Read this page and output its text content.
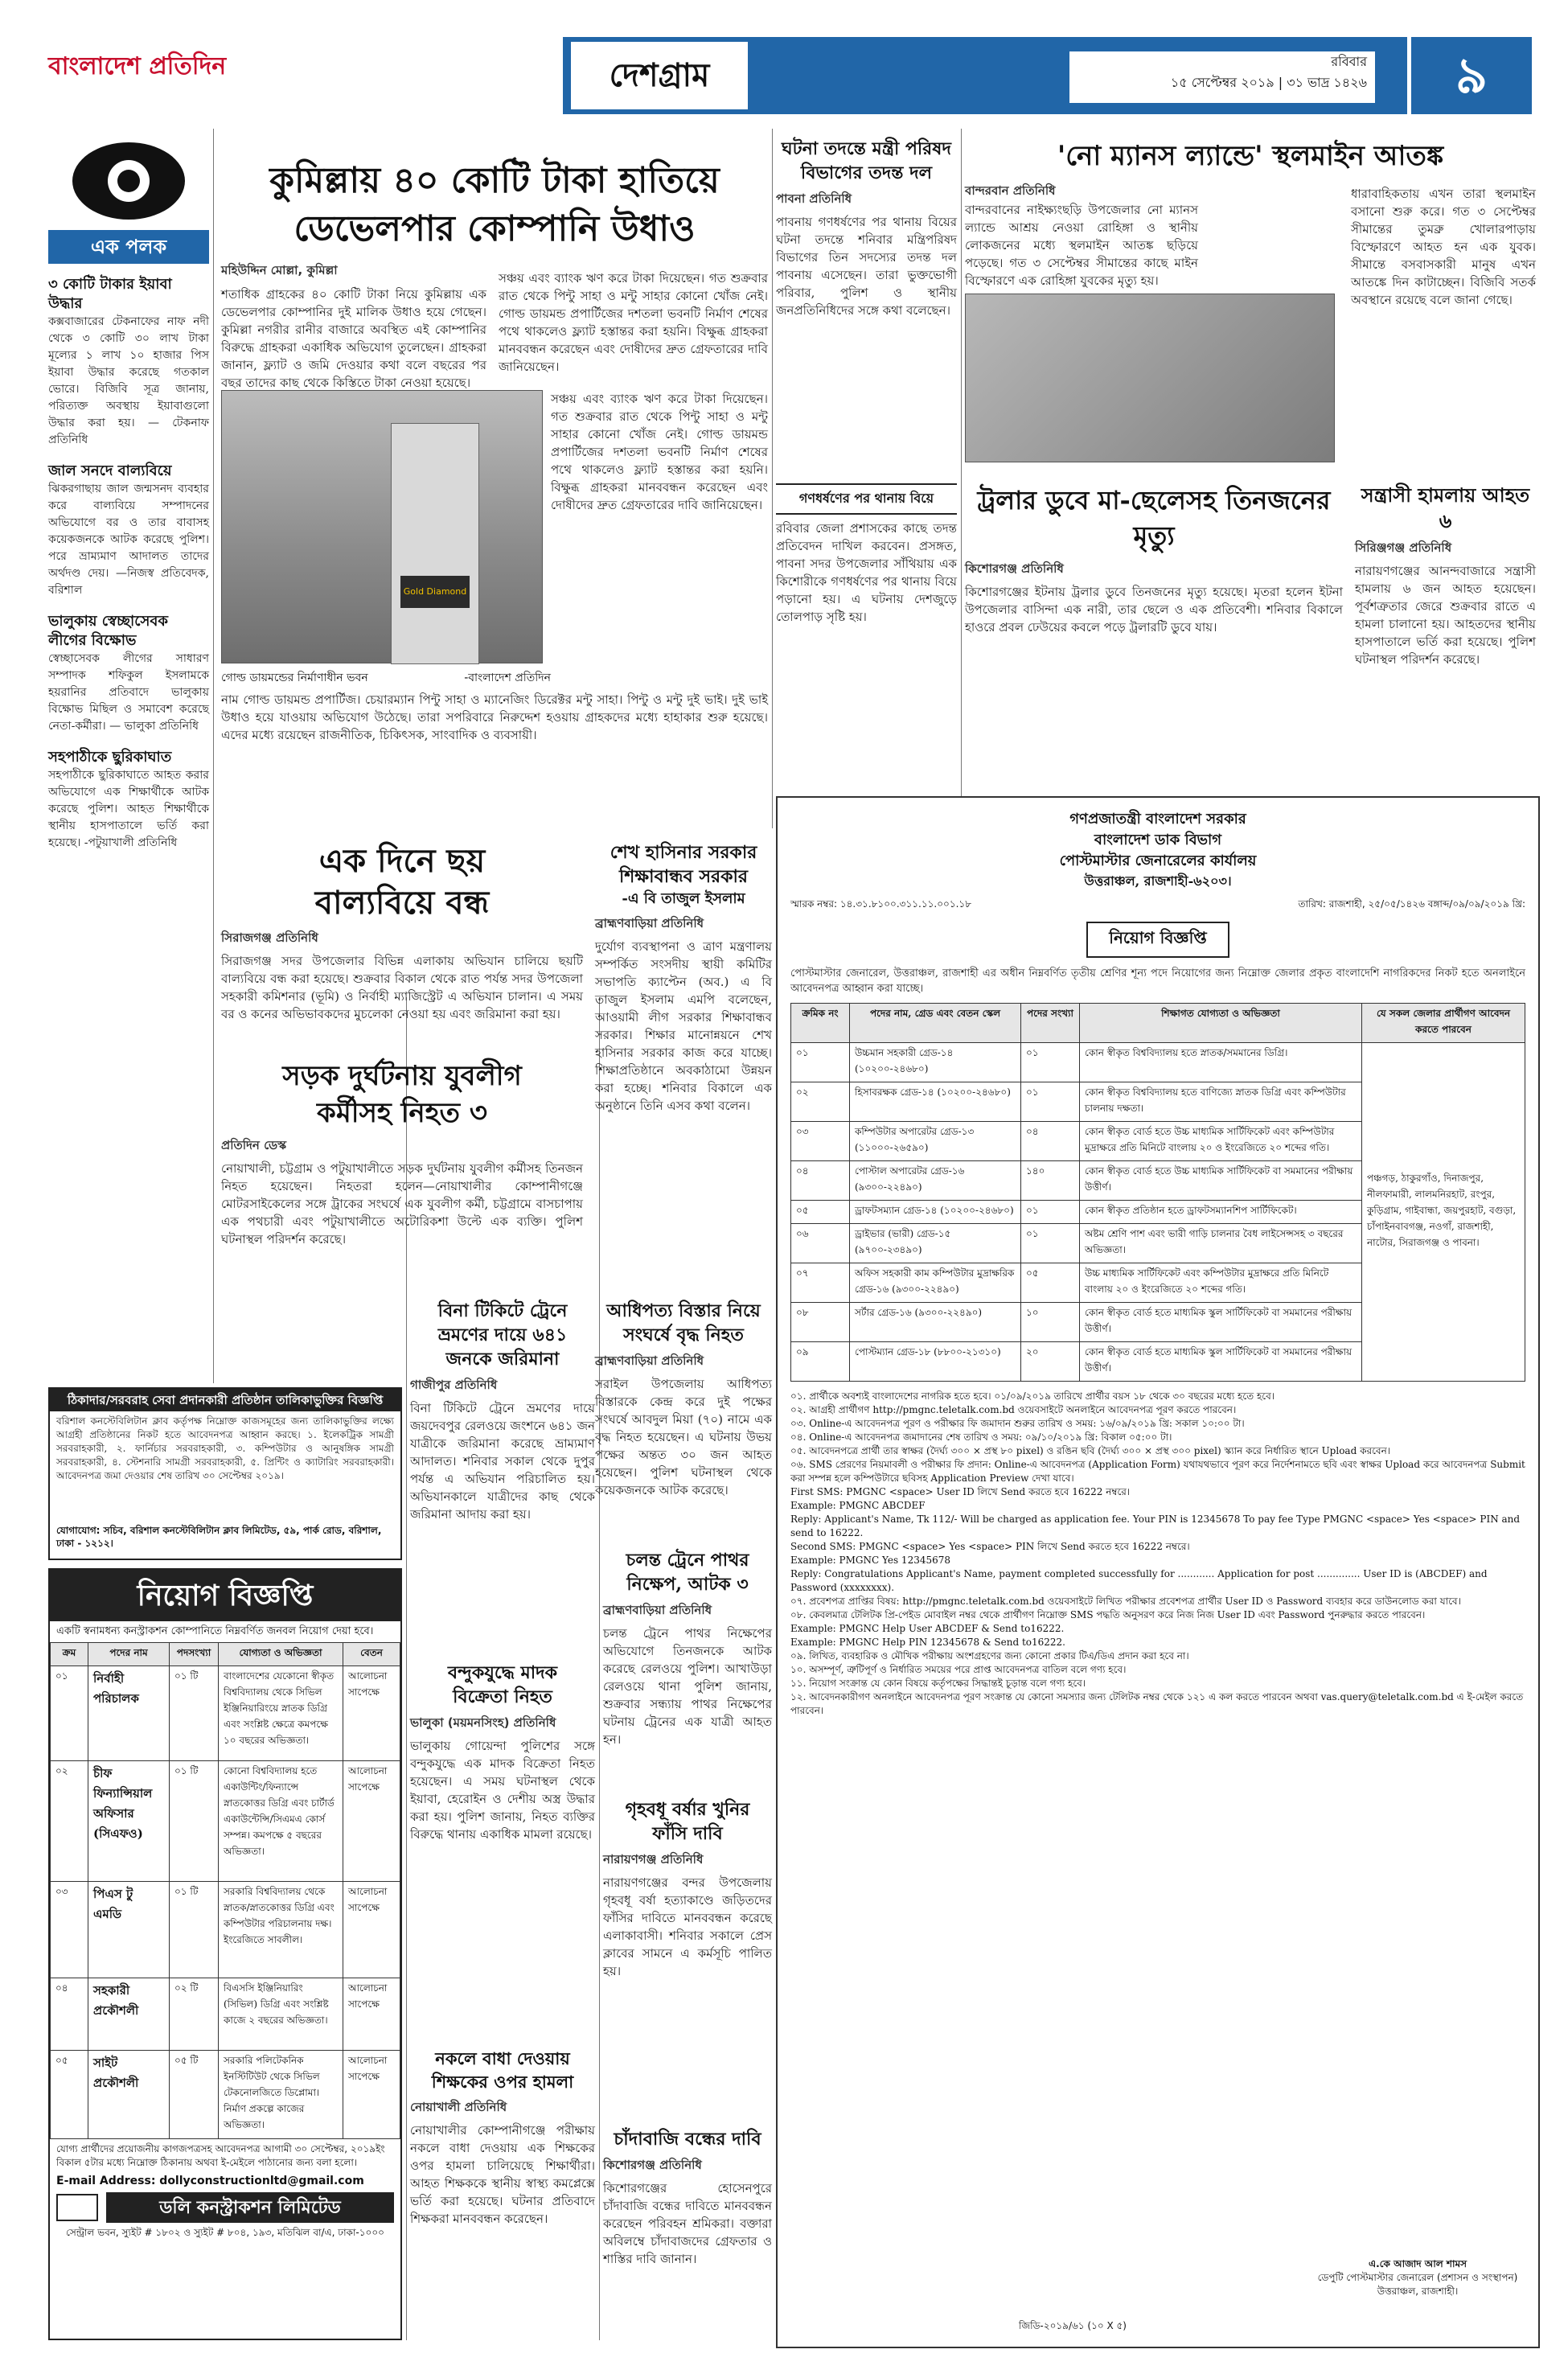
বাংলাদেশ প্রতিদিন	দেশগ্রাম	রবিবার
১৫ সেপ্টেম্বর ২০১৯ | ৩১ ভাদ্র ১৪২৬	৯
এক পলক
৩ কোটি টাকার ইয়াবা উদ্ধার
কক্সবাজারের টেকনাফের নাফ নদী থেকে ৩ কোটি ৩০ লাখ টাকা মূল্যের ১ লাখ ১০ হাজার পিস ইয়াবা উদ্ধার করেছে গতকাল ভোরে। বিজিবি সূত্র জানায়, পরিত্যক্ত অবস্থায় ইয়াবাগুলো উদ্ধার করা হয়। — টেকনাফ প্রতিনিধি
জাল সনদে বাল্যবিয়ে
ঝিকরগাছায় জাল জন্মসনদ ব্যবহার করে বাল্যবিয়ে সম্পাদনের অভিযোগে বর ও তার বাবাসহ কয়েকজনকে আটক করেছে পুলিশ। পরে ভ্রাম্যমাণ আদালত তাদের অর্থদণ্ড দেয়। —নিজস্ব প্রতিবেদক, বরিশাল
ভালুকায় স্বেচ্ছাসেবক লীগের বিক্ষোভ
স্বেচ্ছাসেবক লীগের সাধারণ সম্পাদক শফিকুল ইসলামকে হয়রানির প্রতিবাদে ভালুকায় বিক্ষোভ মিছিল ও সমাবেশ করেছে নেতা-কর্মীরা। — ভালুকা প্রতিনিধি
সহপাঠীকে ছুরিকাঘাত
সহপাঠীকে ছুরিকাঘাতে আহত করার অভিযোগে এক শিক্ষার্থীকে আটক করেছে পুলিশ। আহত শিক্ষার্থীকে স্থানীয় হাসপাতালে ভর্তি করা হয়েছে। -পটুয়াখালী প্রতিনিধি
কুমিল্লায় ৪০ কোটি টাকা হাতিয়ে
ডেভেলপার কোম্পানি উধাও
মহিউদ্দিন মোল্লা, কুমিল্লা
শতাধিক গ্রাহকের ৪০ কোটি টাকা নিয়ে কুমিল্লায় এক ডেভেলপার কোম্পানির দুই মালিক উধাও হয়ে গেছেন। কুমিল্লা নগরীর রানীর বাজারে অবস্থিত এই কোম্পানির বিরুদ্ধে গ্রাহকরা একাধিক অভিযোগ তুলেছেন। গ্রাহকরা জানান, ফ্ল্যাট ও জমি দেওয়ার কথা বলে বছরের পর বছর তাদের কাছ থেকে কিস্তিতে টাকা নেওয়া হয়েছে।
সঞ্চয় এবং ব্যাংক ঋণ করে টাকা দিয়েছেন। গত শুক্রবার রাত থেকে পিন্টু সাহা ও মন্টু সাহার কোনো খোঁজ নেই। গোল্ড ডায়মন্ড প্রপার্টিজের দশতলা ভবনটি নির্মাণ শেষের পথে থাকলেও ফ্ল্যাট হস্তান্তর করা হয়নি। বিক্ষুব্ধ গ্রাহকরা মানববন্ধন করেছেন এবং দোষীদের দ্রুত গ্রেফতারের দাবি জানিয়েছেন।
Gold Diamond
সঞ্চয় এবং ব্যাংক ঋণ করে টাকা দিয়েছেন। গত শুক্রবার রাত থেকে পিন্টু সাহা ও মন্টু সাহার কোনো খোঁজ নেই। গোল্ড ডায়মন্ড প্রপার্টিজের দশতলা ভবনটি নির্মাণ শেষের পথে থাকলেও ফ্ল্যাট হস্তান্তর করা হয়নি। বিক্ষুব্ধ গ্রাহকরা মানববন্ধন করেছেন এবং দোষীদের দ্রুত গ্রেফতারের দাবি জানিয়েছেন।
গোল্ড ডায়মন্ডের নির্মাণাধীন ভবন	-বাংলাদেশ প্রতিদিন
নাম গোল্ড ডায়মন্ড প্রপার্টিজ। চেয়ারম্যান পিন্টু সাহা ও ম্যানেজিং ডিরেক্টর মন্টু সাহা। পিন্টু ও মন্টু দুই ভাই। দুই ভাই উধাও হয়ে যাওয়ায় অভিযোগ উঠেছে। তারা সপরিবারে নিরুদ্দেশ হওয়ায় গ্রাহকদের মধ্যে হাহাকার শুরু হয়েছে। এদের মধ্যে রয়েছেন রাজনীতিক, চিকিৎসক, সাংবাদিক ও ব্যবসায়ী।
ঘটনা তদন্তে মন্ত্রী পরিষদ বিভাগের তদন্ত দল
পাবনা প্রতিনিধি
পাবনায় গণধর্ষণের পর থানায় বিয়ের ঘটনা তদন্তে শনিবার মন্ত্রিপরিষদ বিভাগের তিন সদস্যের তদন্ত দল পাবনায় এসেছেন। তারা ভুক্তভোগী পরিবার, পুলিশ ও স্থানীয় জনপ্রতিনিধিদের সঙ্গে কথা বলেছেন।
গণধর্ষণের পর থানায় বিয়ে
রবিবার জেলা প্রশাসকের কাছে তদন্ত প্রতিবেদন দাখিল করবেন। প্রসঙ্গত, পাবনা সদর উপজেলার সাঁথিয়ায় এক কিশোরীকে গণধর্ষণের পর থানায় বিয়ে পড়ানো হয়। এ ঘটনায় দেশজুড়ে তোলপাড় সৃষ্টি হয়।
'নো ম্যানস ল্যান্ডে' স্থলমাইন আতঙ্ক
বান্দরবান প্রতিনিধি
বান্দরবানের নাইক্ষ্যংছড়ি উপজেলার নো ম্যানস ল্যান্ডে আশ্রয় নেওয়া রোহিঙ্গা ও স্থানীয় লোকজনের মধ্যে স্থলমাইন আতঙ্ক ছড়িয়ে পড়েছে। গত ৩ সেপ্টেম্বর সীমান্তের কাছে মাইন বিস্ফোরণে এক রোহিঙ্গা যুবকের মৃত্যু হয়।
ধারাবাহিকতায় এখন তারা স্থলমাইন বসানো শুরু করে। গত ৩ সেপ্টেম্বর সীমান্তের তুমব্রু খোলারপাড়ায় বিস্ফোরণে আহত হন এক যুবক। সীমান্তে বসবাসকারী মানুষ এখন আতঙ্কে দিন কাটাচ্ছেন। বিজিবি সতর্ক অবস্থানে রয়েছে বলে জানা গেছে।
ট্রলার ডুবে মা-ছেলেসহ তিনজনের মৃত্যু
কিশোরগঞ্জ প্রতিনিধি
কিশোরগঞ্জের ইটনায় ট্রলার ডুবে তিনজনের মৃত্যু হয়েছে। মৃতরা হলেন ইটনা উপজেলার বাসিন্দা এক নারী, তার ছেলে ও এক প্রতিবেশী। শনিবার বিকালে হাওরে প্রবল ঢেউয়ের কবলে পড়ে ট্রলারটি ডুবে যায়।
সন্ত্রাসী হামলায় আহত ৬
সিরিঞ্জগঞ্জ প্রতিনিধি
নারায়ণগঞ্জের আনন্দবাজারে সন্ত্রাসী হামলায় ৬ জন আহত হয়েছেন। পূর্বশত্রুতার জেরে শুক্রবার রাতে এ হামলা চালানো হয়। আহতদের স্থানীয় হাসপাতালে ভর্তি করা হয়েছে। পুলিশ ঘটনাস্থল পরিদর্শন করেছে।
এক দিনে ছয়
বাল্যবিয়ে বন্ধ
সিরাজগঞ্জ প্রতিনিধি
সিরাজগঞ্জ সদর উপজেলার বিভিন্ন এলাকায় অভিযান চালিয়ে ছয়টি বাল্যবিয়ে বন্ধ করা হয়েছে। শুক্রবার বিকাল থেকে রাত পর্যন্ত সদর উপজেলা সহকারী কমিশনার (ভূমি) ও নির্বাহী ম্যাজিস্ট্রেট এ অভিযান চালান। এ সময় বর ও কনের অভিভাবকদের মুচলেকা নেওয়া হয় এবং জরিমানা করা হয়।
শেখ হাসিনার সরকার
শিক্ষাবান্ধব সরকার
-এ বি তাজুল ইসলাম
ব্রাহ্মণবাড়িয়া প্রতিনিধি
দুর্যোগ ব্যবস্থাপনা ও ত্রাণ মন্ত্রণালয় সম্পর্কিত সংসদীয় স্থায়ী কমিটির সভাপতি ক্যাপ্টেন (অব.) এ বি তাজুল ইসলাম এমপি বলেছেন, আওয়ামী লীগ সরকার শিক্ষাবান্ধব সরকার। শিক্ষার মানোন্নয়নে শেখ হাসিনার সরকার কাজ করে যাচ্ছে। শিক্ষাপ্রতিষ্ঠানে অবকাঠামো উন্নয়ন করা হচ্ছে। শনিবার বিকালে এক অনুষ্ঠানে তিনি এসব কথা বলেন।
সড়ক দুর্ঘটনায় যুবলীগ
কর্মীসহ নিহত ৩
প্রতিদিন ডেস্ক
নোয়াখালী, চট্টগ্রাম ও পটুয়াখালীতে সড়ক দুর্ঘটনায় যুবলীগ কর্মীসহ তিনজন নিহত হয়েছেন। নিহতরা হলেন—নোয়াখালীর কোম্পানীগঞ্জে মোটরসাইকেলের সঙ্গে ট্রাকের সংঘর্ষে এক যুবলীগ কর্মী, চট্টগ্রামে বাসচাপায় এক পথচারী এবং পটুয়াখালীতে অটোরিকশা উল্টে এক ব্যক্তি। পুলিশ ঘটনাস্থল পরিদর্শন করেছে।
আধিপত্য বিস্তার নিয়ে
সংঘর্ষে বৃদ্ধ নিহত
ব্রাহ্মণবাড়িয়া প্রতিনিধি
সরাইল উপজেলায় আধিপত্য বিস্তারকে কেন্দ্র করে দুই পক্ষের সংঘর্ষে আবদুল মিয়া (৭০) নামে এক বৃদ্ধ নিহত হয়েছেন। এ ঘটনায় উভয় পক্ষের অন্তত ৩০ জন আহত হয়েছেন। পুলিশ ঘটনাস্থল থেকে কয়েকজনকে আটক করেছে।
গণপ্রজাতন্ত্রী বাংলাদেশ সরকার
বাংলাদেশ ডাক বিভাগ
পোস্টমাস্টার জেনারেলের কার্যালয়
উত্তরাঞ্চল, রাজশাহী-৬২০৩।
স্মারক নম্বর: ১৪.৩১.৮১০০.৩১১.১১.০০১.১৮	তারিখ: রাজশাহী, ২৫/০৫/১৪২৬ বঙ্গাব্দ/০৯/০৯/২০১৯ খ্রি:
নিয়োগ বিজ্ঞপ্তি
পোস্টমাস্টার জেনারেল, উত্তরাঞ্চল, রাজশাহী এর অধীন নিম্নবর্ণিত তৃতীয় শ্রেণির শূন্য পদে নিয়োগের জন্য নিম্নোক্ত জেলার প্রকৃত বাংলাদেশি নাগরিকদের নিকট হতে অনলাইনে আবেদনপত্র আহ্বান করা যাচ্ছে।
ক্রমিক নং	পদের নাম, গ্রেড এবং বেতন স্কেল	পদের সংখ্যা	শিক্ষাগত যোগ্যতা ও অভিজ্ঞতা	যে সকল জেলার প্রার্থীগণ আবেদন করতে পারবেন
০১	উচ্চমান সহকারী গ্রেড-১৪ (১০২০০-২৪৬৮০)	০১	কোন স্বীকৃত বিশ্ববিদ্যালয় হতে স্নাতক/সমমানের ডিগ্রি।	পঞ্চগড়, ঠাকুরগাঁও, দিনাজপুর, নীলফামারী, লালমনিরহাট, রংপুর, কুড়িগ্রাম, গাইবান্ধা, জয়পুরহাট, বগুড়া, চাঁপাইনবাবগঞ্জ, নওগাঁ, রাজশাহী, নাটোর, সিরাজগঞ্জ ও পাবনা।
০২	হিসাবরক্ষক গ্রেড-১৪ (১০২০০-২৪৬৮০)	০১	কোন স্বীকৃত বিশ্ববিদ্যালয় হতে বাণিজ্যে স্নাতক ডিগ্রি এবং কম্পিউটার চালনায় দক্ষতা।	
০৩	কম্পিউটার অপারেটর গ্রেড-১৩ (১১০০০-২৬৫৯০)	০৪	কোন স্বীকৃত বোর্ড হতে উচ্চ মাধ্যমিক সার্টিফিকেট এবং কম্পিউটার মুদ্রাক্ষরে প্রতি মিনিটে বাংলায় ২০ ও ইংরেজিতে ২০ শব্দের গতি।	
০৪	পোস্টাল অপারেটর গ্রেড-১৬ (৯৩০০-২২৪৯০)	১৪০	কোন স্বীকৃত বোর্ড হতে উচ্চ মাধ্যমিক সার্টিফিকেট বা সমমানের পরীক্ষায় উত্তীর্ণ।	
০৫	ড্রাফটসম্যান গ্রেড-১৪ (১০২০০-২৪৬৮০)	০১	কোন স্বীকৃত প্রতিষ্ঠান হতে ড্রাফটসম্যানশিপ সার্টিফিকেট।	
০৬	ড্রাইভার (ভারী) গ্রেড-১৫ (৯৭০০-২৩৪৯০)	০১	অষ্টম শ্রেণি পাশ এবং ভারী গাড়ি চালনার বৈধ লাইসেন্সসহ ৩ বছরের অভিজ্ঞতা।	
০৭	অফিস সহকারী কাম কম্পিউটার মুদ্রাক্ষরিক গ্রেড-১৬ (৯৩০০-২২৪৯০)	০৫	উচ্চ মাধ্যমিক সার্টিফিকেট এবং কম্পিউটার মুদ্রাক্ষরে প্রতি মিনিটে বাংলায় ২০ ও ইংরেজিতে ২০ শব্দের গতি।	
০৮	সর্টার গ্রেড-১৬ (৯৩০০-২২৪৯০)	১০	কোন স্বীকৃত বোর্ড হতে মাধ্যমিক স্কুল সার্টিফিকেট বা সমমানের পরীক্ষায় উত্তীর্ণ।	
০৯	পোস্টম্যান গ্রেড-১৮ (৮৮০০-২১৩১০)	২০	কোন স্বীকৃত বোর্ড হতে মাধ্যমিক স্কুল সার্টিফিকেট বা সমমানের পরীক্ষায় উত্তীর্ণ।	
০১. প্রার্থীকে অবশ্যই বাংলাদেশের নাগরিক হতে হবে। ০১/০৯/২০১৯ তারিখে প্রার্থীর বয়স ১৮ থেকে ৩০ বছরের মধ্যে হতে হবে।
০২. আগ্রহী প্রার্থীগণ http://pmgnc.teletalk.com.bd ওয়েবসাইটে অনলাইনে আবেদনপত্র পূরণ করতে পারবেন।
০৩. Online-এ আবেদনপত্র পূরণ ও পরীক্ষার ফি জমাদান শুরুর তারিখ ও সময়: ১৬/০৯/২০১৯ খ্রি: সকাল ১০:০০ টা।
০৪. Online-এ আবেদনপত্র জমাদানের শেষ তারিখ ও সময়: ০৯/১০/২০১৯ খ্রি: বিকাল ০৫:০০ টা।
০৫. আবেদনপত্রে প্রার্থী তার স্বাক্ষর (দৈর্ঘ্য ৩০০ × প্রস্থ ৮০ pixel) ও রঙিন ছবি (দৈর্ঘ্য ৩০০ × প্রস্থ ৩০০ pixel) স্ক্যান করে নির্ধারিত স্থানে Upload করবেন।
০৬. SMS প্রেরণের নিয়মাবলী ও পরীক্ষার ফি প্রদান: Online-এ আবেদনপত্র (Application Form) যথাযথভাবে পূরণ করে নির্দেশনামতে ছবি এবং স্বাক্ষর Upload করে আবেদনপত্র Submit করা সম্পন্ন হলে কম্পিউটারে ছবিসহ Application Preview দেখা যাবে।
First SMS: PMGNC <space> User ID লিখে Send করতে হবে 16222 নম্বরে।
Example: PMGNC ABCDEF
Reply: Applicant's Name, Tk 112/- Will be charged as application fee. Your PIN is 12345678 To pay fee Type PMGNC <space> Yes <space> PIN and send to 16222.
Second SMS: PMGNC <space> Yes <space> PIN লিখে Send করতে হবে 16222 নম্বরে।
Example: PMGNC Yes 12345678
Reply: Congratulations Applicant's Name, payment completed successfully for ............ Application for post .............. User ID is (ABCDEF) and Password (xxxxxxxx).
০৭. প্রবেশপত্র প্রাপ্তির বিষয়: http://pmgnc.teletalk.com.bd ওয়েবসাইটে লিখিত পরীক্ষার প্রবেশপত্র প্রার্থীর User ID ও Password ব্যবহার করে ডাউনলোড করা যাবে।
০৮. কেবলমাত্র টেলিটক প্রি-পেইড মোবাইল নম্বর থেকে প্রার্থীগণ নিম্নোক্ত SMS পদ্ধতি অনুসরণ করে নিজ নিজ User ID এবং Password পুনরুদ্ধার করতে পারবেন।
Example: PMGNC Help User ABCDEF & Send to16222.
Example: PMGNC Help PIN 12345678 & Send to16222.
০৯. লিখিত, ব্যবহারিক ও মৌখিক পরীক্ষায় অংশগ্রহণের জন্য কোনো প্রকার টিএ/ডিএ প্রদান করা হবে না।
১০. অসম্পূর্ণ, ত্রুটিপূর্ণ ও নির্ধারিত সময়ের পরে প্রাপ্ত আবেদনপত্র বাতিল বলে গণ্য হবে।
১১. নিয়োগ সংক্রান্ত যে কোন বিষয়ে কর্তৃপক্ষের সিদ্ধান্তই চূড়ান্ত বলে গণ্য হবে।
১২. আবেদনকারীগণ অনলাইনে আবেদনপত্র পূরণ সংক্রান্ত যে কোনো সমস্যার জন্য টেলিটক নম্বর থেকে ১২১ এ কল করতে পারবেন অথবা vas.query@teletalk.com.bd এ ই-মেইল করতে পারবেন।
এ.কে আজাদ আল শামস
ডেপুটি পোস্টমাস্টার জেনারেল (প্রশাসন ও সংস্থাপন)
উত্তরাঞ্চল, রাজশাহী।
জিডি-২০১৯/৬১ (১০ X ৫)
ঠিকাদার/সরবরাহ সেবা প্রদানকারী প্রতিষ্ঠান তালিকাভুক্তির বিজ্ঞপ্তি
বরিশাল কনস্টেবিলিটান ক্লাব কর্তৃপক্ষ নিম্নোক্ত কাজসমূহের জন্য তালিকাভুক্তির লক্ষ্যে আগ্রহী প্রতিষ্ঠানের নিকট হতে আবেদনপত্র আহ্বান করছে। ১. ইলেকট্রিক সামগ্রী সরবরাহকারী, ২. ফার্নিচার সরবরাহকারী, ৩. কম্পিউটার ও আনুষঙ্গিক সামগ্রী সরবরাহকারী, ৪. স্টেশনারি সামগ্রী সরবরাহকারী, ৫. প্রিন্টিং ও ক্যাটারিং সরবরাহকারী। আবেদনপত্র জমা দেওয়ার শেষ তারিখ ৩০ সেপ্টেম্বর ২০১৯।
যোগাযোগ: সচিব, বরিশাল কনস্টেবিলিটান ক্লাব লিমিটেড, ৫৯, পার্ক রোড, বরিশাল, ঢাকা - ১২১২।
নিয়োগ বিজ্ঞপ্তি
একটি স্বনামধন্য কনস্ট্রাকশন কোম্পানিতে নিম্নবর্ণিত জনবল নিয়োগ দেয়া হবে।
ক্রম	পদের নাম	পদসংখ্যা	যোগ্যতা ও অভিজ্ঞতা	বেতন
০১	নির্বাহী পরিচালক	০১ টি	বাংলাদেশের যেকোনো স্বীকৃত বিশ্ববিদ্যালয় থেকে সিভিল ইঞ্জিনিয়ারিংয়ে স্নাতক ডিগ্রি এবং সংশ্লিষ্ট ক্ষেত্রে কমপক্ষে ১০ বছরের অভিজ্ঞতা।	আলোচনা সাপেক্ষে
০২	চীফ ফিন্যান্সিয়াল অফিসার (সিএফও)	০১ টি	কোনো বিশ্ববিদ্যালয় হতে একাউন্টিং/ফিন্যান্সে স্নাতকোত্তর ডিগ্রি এবং চার্টার্ড একাউন্টেন্সি/সিএমএ কোর্স সম্পন্ন। কমপক্ষে ৫ বছরের অভিজ্ঞতা।	আলোচনা সাপেক্ষে
০৩	পিএস টু এমডি	০১ টি	সরকারি বিশ্ববিদ্যালয় থেকে স্নাতক/স্নাতকোত্তর ডিগ্রি এবং কম্পিউটার পরিচালনায় দক্ষ। ইংরেজিতে সাবলীল।	আলোচনা সাপেক্ষে
০৪	সহকারী প্রকৌশলী	০২ টি	বিএসসি ইঞ্জিনিয়ারিং (সিভিল) ডিগ্রি এবং সংশ্লিষ্ট কাজে ২ বছরের অভিজ্ঞতা।	আলোচনা সাপেক্ষে
০৫	সাইট প্রকৌশলী	০৫ টি	সরকারি পলিটেকনিক ইনস্টিটিউট থেকে সিভিল টেকনোলজিতে ডিপ্লোমা। নির্মাণ প্রকল্পে কাজের অভিজ্ঞতা।	আলোচনা সাপেক্ষে
যোগ্য প্রার্থীদের প্রয়োজনীয় কাগজপত্রসহ আবেদনপত্র আগামী ৩০ সেপ্টেম্বর, ২০১৯ইং বিকাল ৫টার মধ্যে নিম্নোক্ত ঠিকানায় অথবা ই-মেইলে পাঠানোর জন্য বলা হলো।
E-mail Address: dollyconstructionltd@gmail.com
ডলি কনস্ট্রাকশন লিমিটেড
সেন্ট্রাল ভবন, স্যুইট # ১৮০২ ও স্যুইট # ৮০৪, ১৯৩, মতিঝিল বা/এ, ঢাকা-১০০০
বিনা টিকিটে ট্রেনে
ভ্রমণের দায়ে ৬৪১
জনকে জরিমানা
গাজীপুর প্রতিনিধি
বিনা টিকিটে ট্রেনে ভ্রমণের দায়ে জয়দেবপুর রেলওয়ে জংশনে ৬৪১ জন যাত্রীকে জরিমানা করেছে ভ্রাম্যমাণ আদালত। শনিবার সকাল থেকে দুপুর পর্যন্ত এ অভিযান পরিচালিত হয়। অভিযানকালে যাত্রীদের কাছ থেকে জরিমানা আদায় করা হয়।
চলন্ত ট্রেনে পাথর
নিক্ষেপ, আটক ৩
ব্রাহ্মণবাড়িয়া প্রতিনিধি
চলন্ত ট্রেনে পাথর নিক্ষেপের অভিযোগে তিনজনকে আটক করেছে রেলওয়ে পুলিশ। আখাউড়া রেলওয়ে থানা পুলিশ জানায়, শুক্রবার সন্ধ্যায় পাথর নিক্ষেপের ঘটনায় ট্রেনের এক যাত্রী আহত হন।
বন্দুকযুদ্ধে মাদক
বিক্রেতা নিহত
ভালুকা (ময়মনসিংহ) প্রতিনিধি
ভালুকায় গোয়েন্দা পুলিশের সঙ্গে বন্দুকযুদ্ধে এক মাদক বিক্রেতা নিহত হয়েছেন। এ সময় ঘটনাস্থল থেকে ইয়াবা, হেরোইন ও দেশীয় অস্ত্র উদ্ধার করা হয়। পুলিশ জানায়, নিহত ব্যক্তির বিরুদ্ধে থানায় একাধিক মামলা রয়েছে।
গৃহবধূ বর্ষার খুনির
ফাঁসি দাবি
নারায়ণগঞ্জ প্রতিনিধি
নারায়ণগঞ্জের বন্দর উপজেলায় গৃহবধূ বর্ষা হত্যাকাণ্ডে জড়িতদের ফাঁসির দাবিতে মানববন্ধন করেছে এলাকাবাসী। শনিবার সকালে প্রেস ক্লাবের সামনে এ কর্মসূচি পালিত হয়।
নকলে বাধা দেওয়ায়
শিক্ষকের ওপর হামলা
নোয়াখালী প্রতিনিধি
নোয়াখালীর কোম্পানীগঞ্জে পরীক্ষায় নকলে বাধা দেওয়ায় এক শিক্ষকের ওপর হামলা চালিয়েছে শিক্ষার্থীরা। আহত শিক্ষককে স্থানীয় স্বাস্থ্য কমপ্লেক্সে ভর্তি করা হয়েছে। ঘটনার প্রতিবাদে শিক্ষকরা মানববন্ধন করেছেন।
চাঁদাবাজি বন্ধের দাবি
কিশোরগঞ্জ প্রতিনিধি
কিশোরগঞ্জের হোসেনপুরে চাঁদাবাজি বন্ধের দাবিতে মানববন্ধন করেছেন পরিবহন শ্রমিকরা। বক্তারা অবিলম্বে চাঁদাবাজদের গ্রেফতার ও শাস্তির দাবি জানান।
